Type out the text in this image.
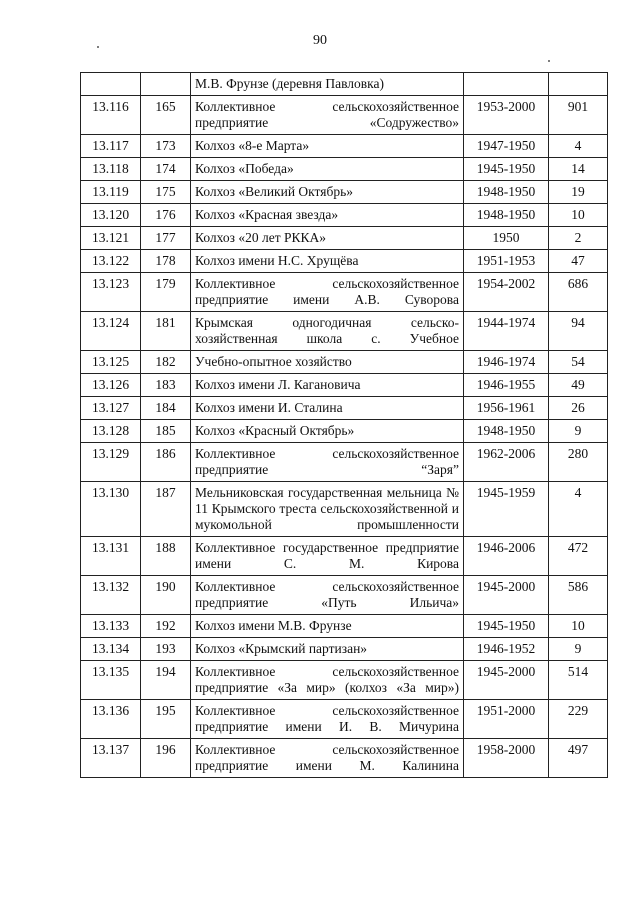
90
		М.В. Фрунзе (деревня Павловка)		
13.116	165	Коллективное сельскохозяйственное предприятие «Содружество»	1953-2000	901
13.117	173	Колхоз «8-е Марта»	1947-1950	4
13.118	174	Колхоз «Победа»	1945-1950	14
13.119	175	Колхоз «Великий Октябрь»	1948-1950	19
13.120	176	Колхоз «Красная звезда»	1948-1950	10
13.121	177	Колхоз «20 лет РККА»	1950	2
13.122	178	Колхоз имени Н.С. Хрущёва	1951-1953	47
13.123	179	Коллективное сельскохозяйственное предприятие имени А.В. Суворова	1954-2002	686
13.124	181	Крымская одногодичная сельско-хозяйственная школа с. Учебное	1944-1974	94
13.125	182	Учебно-опытное хозяйство	1946-1974	54
13.126	183	Колхоз имени Л. Кагановича	1946-1955	49
13.127	184	Колхоз имени И. Сталина	1956-1961	26
13.128	185	Колхоз «Красный Октябрь»	1948-1950	9
13.129	186	Коллективное сельскохозяйственное предприятие “Заря”	1962-2006	280
13.130	187	Мельниковская государственная мельница № 11 Крымского треста сельскохозяйственной и мукомольной промышленности	1945-1959	4
13.131	188	Коллективное государственное предприятие имени С. М. Кирова	1946-2006	472
13.132	190	Коллективное сельскохозяйственное предприятие «Путь Ильича»	1945-2000	586
13.133	192	Колхоз имени М.В. Фрунзе	1945-1950	10
13.134	193	Колхоз «Крымский партизан»	1946-1952	9
13.135	194	Коллективное сельскохозяйственное предприятие «За мир» (колхоз «За мир»)	1945-2000	514
13.136	195	Коллективное сельскохозяйственное предприятие имени И. В. Мичурина	1951-2000	229
13.137	196	Коллективное сельскохозяйственное предприятие имени М. Калинина	1958-2000	497
